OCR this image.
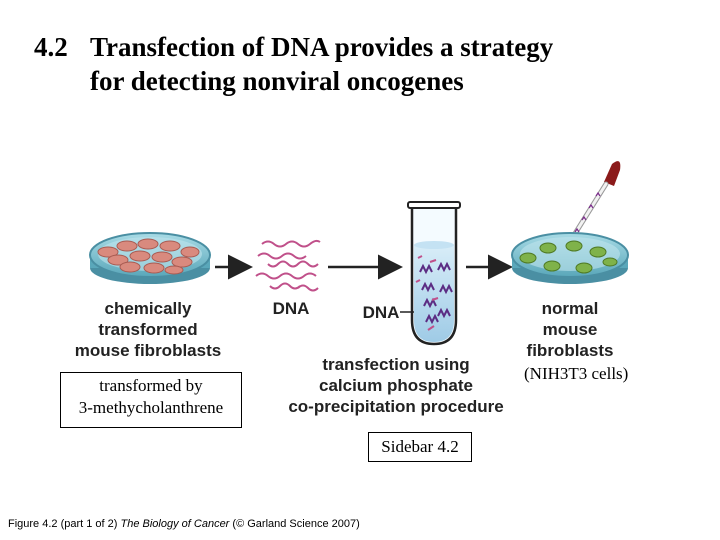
4.2 Transfection of DNA provides a strategy
for detecting nonviral oncogenes
chemically
transformed
mouse fibroblasts
DNA	DNA
transfection using
calcium phosphate
co-precipitation procedure
normal
mouse
fibroblasts
transformed by
3-methycholanthrene
(NIH3T3 cells)
Sidebar 4.2
Figure 4.2 (part 1 of 2) The Biology of Cancer (© Garland Science 2007)
